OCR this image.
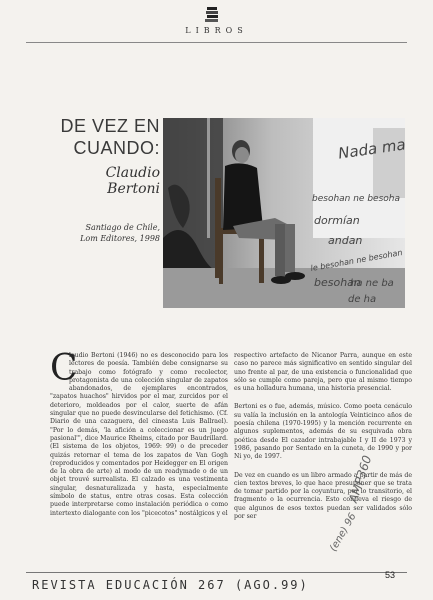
LIBROS
DE VEZ EN
CUANDO:
Claudio Bertoni
Santiago de Chile,
Lom Editores, 1998
Nada ma
besohan ne besoha
dormían
andan
le besohan ne besohan
besohan
ha ne ba
de ha
C

laudio Bertoni (1946) no es desconocido para los lectores de poesía. También debe consignarse su trabajo como fotógrafo y como recolector, protagonista de una colección singular de zapatos abandonados, de ejemplares encontrados, "zapatos huachos" hirvidos por el mar, zurcidos por el deterioro, moldeados por el calor, suerte de afán singular que no puede desvincularse del fetichismo. (Cf. Diario de una cazaguera, del cineasta Luis Ballrael). "Por lo demás, 'la afición a coleccionar es un juego pasional'", dice Maurice Rheims, citado por Baudrillard. (El sistema de los objetos, 1969: 99) o de preceder quizás retornar el tema de los zapatos de Van Gogh (reproducidos y comentados por Heidegger en El origen de la obra de arte) al modo de un readymade o de un objet trouvé surrealista. El calzado es una vestimenta singular, desnaturalizada y hasta, especialmente símbolo de status, entre otras cosas. Esta colección puede interpretarse como instalación periódica o como intertexto dialogante con los "picecotos" nostálgicos y el

respectivo artefacto de Nicanor Parra, aunque en este caso no parece más significativo en sentido singular del uno frente al par, de una existencia o funcionalidad que sólo se cumple como pareja, pero que al mismo tiempo es una holladura humana, una historia presencial.

Bertoni es o fue, además, músico. Como poeta cenáculo su valía la inclusión en la antología Veinticinco años de poesía chilena (1970-1995) y la mención recurrente en algunos suplementos, además de su esquivada obra poética desde El cazador intrabajable I y II de 1973 y 1986, pasando por Sentado en la cuneta, de 1990 y por Ni yo, de 1997.

De vez en cuando es un libro armado a partir de más de cien textos breves, lo que hace presuponer que se trata de tomar partido por la coyuntura, por lo transitorio, el fragmento o la ocurrencia. Esto conlleva el riesgo de que algunos de esos textos puedan ser validados sólo por ser

AMP360
(ene) 96
REVISTA EDUCACIÓN 267 (AGO.99)
53
